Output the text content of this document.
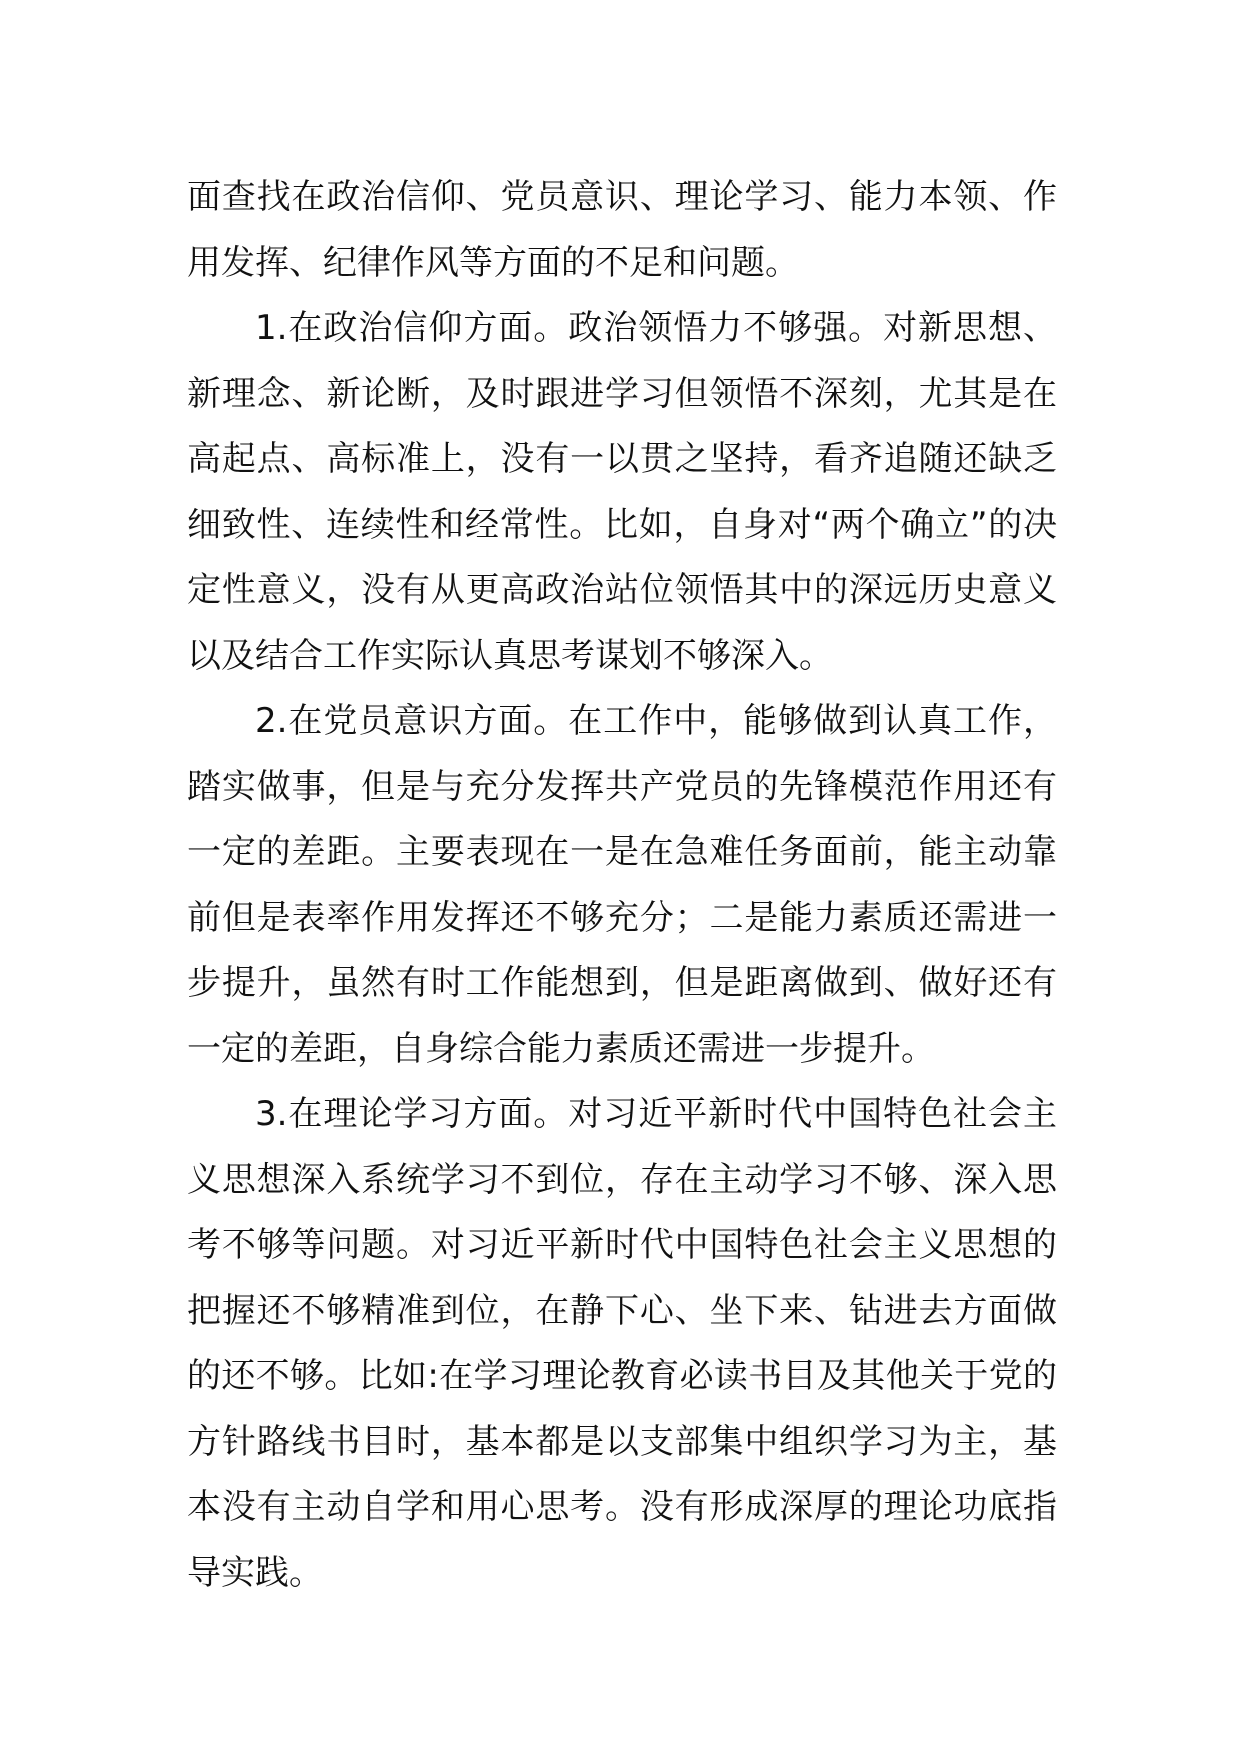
面查找在政治信仰、党员意识、理论学习、能力本领、作用发挥、纪律作风等方面的不足和问题。

1.在政治信仰方面。政治领悟力不够强。对新思想、新理念、新论断，及时跟进学习但领悟不深刻，尤其是在高起点、高标准上，没有一以贯之坚持，看齐追随还缺乏细致性、连续性和经常性。比如，自身对“两个确立”的决定性意义，没有从更高政治站位领悟其中的深远历史意义以及结合工作实际认真思考谋划不够深入。

2.在党员意识方面。在工作中，能够做到认真工作，踏实做事，但是与充分发挥共产党员的先锋模范作用还有一定的差距。主要表现在一是在急难任务面前，能主动靠前但是表率作用发挥还不够充分；二是能力素质还需进一步提升，虽然有时工作能想到，但是距离做到、做好还有一定的差距，自身综合能力素质还需进一步提升。

3.在理论学习方面。对习近平新时代中国特色社会主义思想深入系统学习不到位，存在主动学习不够、深入思考不够等问题。对习近平新时代中国特色社会主义思想的把握还不够精准到位，在静下心、坐下来、钻进去方面做的还不够。比如:在学习理论教育必读书目及其他关于党的方针路线书目时，基本都是以支部集中组织学习为主，基本没有主动自学和用心思考。没有形成深厚的理论功底指导实践。
